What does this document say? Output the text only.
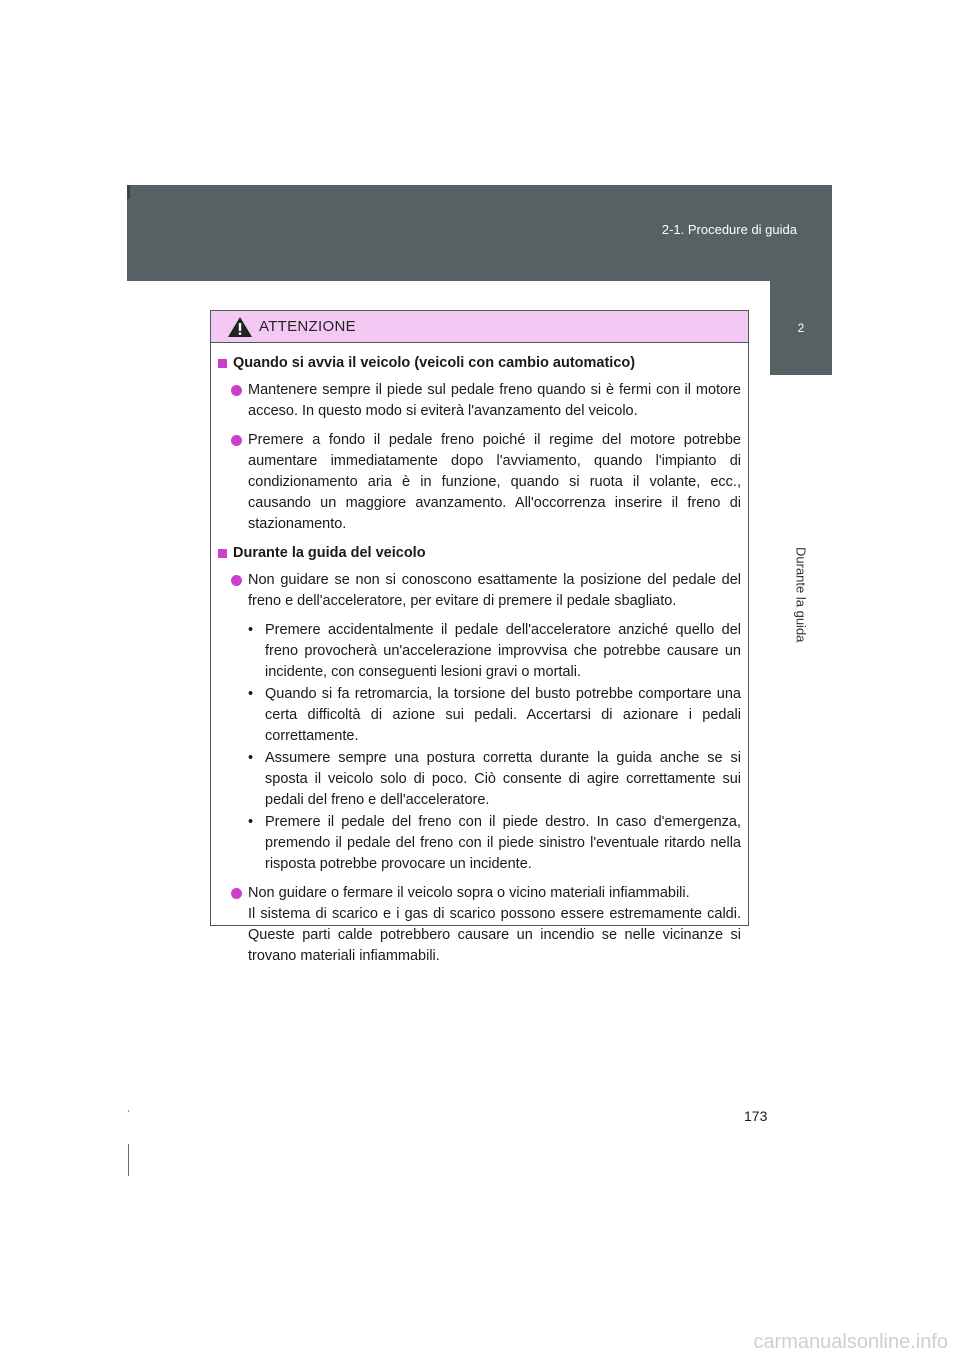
2-1. Procedure di guida
2
Durante la guida
ATTENZIONE
Quando si avvia il veicolo (veicoli con cambio automatico)
Mantenere sempre il piede sul pedale freno quando si è fermi con il motore acceso. In questo modo si eviterà l'avanzamento del veicolo.
Premere a fondo il pedale freno poiché il regime del motore potrebbe aumentare immediatamente dopo l'avviamento, quando l'impianto di condizionamento aria è in funzione, quando si ruota il volante, ecc., causando un maggiore avanzamento. All'occorrenza inserire il freno di stazionamento.
Durante la guida del veicolo
Non guidare se non si conoscono esattamente la posizione del pedale del freno e dell'acceleratore, per evitare di premere il pedale sbagliato.
• Premere accidentalmente il pedale dell'acceleratore anziché quello del freno provocherà un'accelerazione improvvisa che potrebbe causare un incidente, con conseguenti lesioni gravi o mortali.
• Quando si fa retromarcia, la torsione del busto potrebbe comportare una certa difficoltà di azione sui pedali. Accertarsi di azionare i pedali correttamente.
• Assumere sempre una postura corretta durante la guida anche se si sposta il veicolo solo di poco. Ciò consente di agire correttamente sui pedali del freno e dell'acceleratore.
• Premere il pedale del freno con il piede destro. In caso d'emergenza, premendo il pedale del freno con il piede sinistro l'eventuale ritardo nella risposta potrebbe provocare un incidente.
Non guidare o fermare il veicolo sopra o vicino materiali infiammabili.
Il sistema di scarico e i gas di scarico possono essere estremamente caldi. Queste parti calde potrebbero causare un incendio se nelle vicinanze si trovano materiali infiammabili.
173
carmanualsonline.info
